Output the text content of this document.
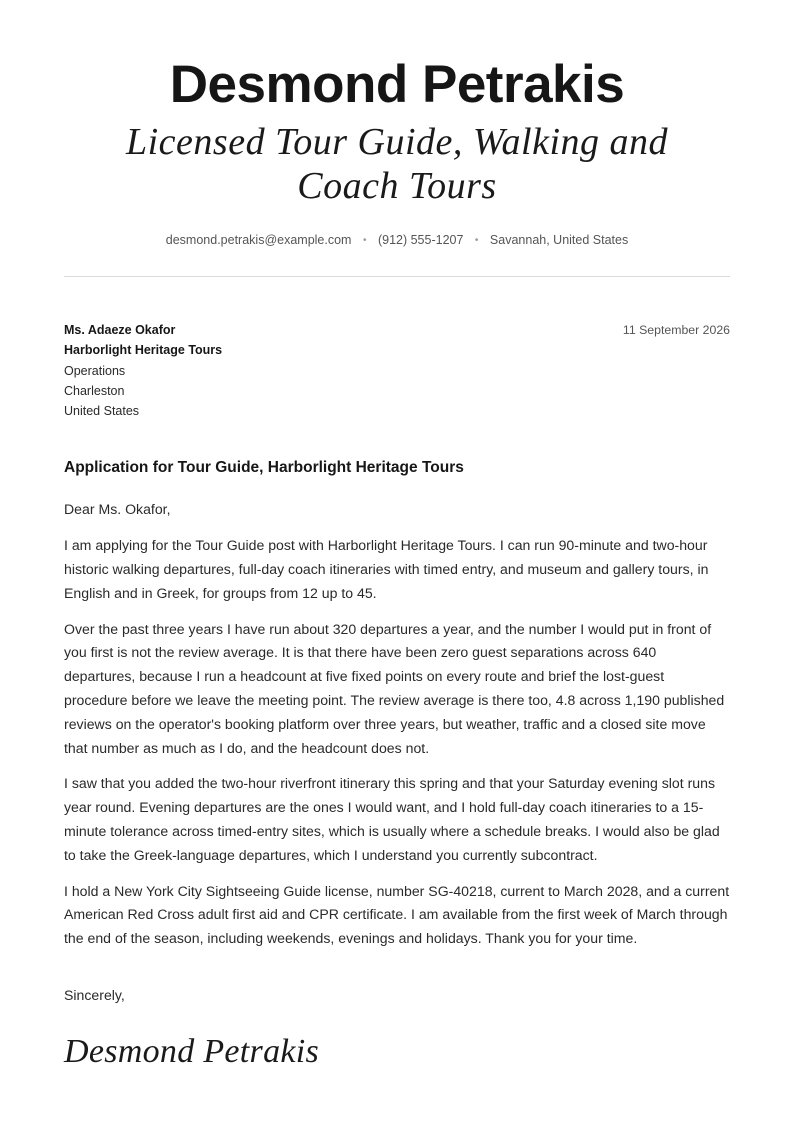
Desmond Petrakis
Licensed Tour Guide, Walking and Coach Tours
desmond.petrakis@example.com • (912) 555-1207 • Savannah, United States
11 September 2026
Ms. Adaeze Okafor
Harborlight Heritage Tours
Operations
Charleston
United States
Application for Tour Guide, Harborlight Heritage Tours
Dear Ms. Okafor,
I am applying for the Tour Guide post with Harborlight Heritage Tours. I can run 90-minute and two-hour historic walking departures, full-day coach itineraries with timed entry, and museum and gallery tours, in English and in Greek, for groups from 12 up to 45.
Over the past three years I have run about 320 departures a year, and the number I would put in front of you first is not the review average. It is that there have been zero guest separations across 640 departures, because I run a headcount at five fixed points on every route and brief the lost-guest procedure before we leave the meeting point. The review average is there too, 4.8 across 1,190 published reviews on the operator's booking platform over three years, but weather, traffic and a closed site move that number as much as I do, and the headcount does not.
I saw that you added the two-hour riverfront itinerary this spring and that your Saturday evening slot runs year round. Evening departures are the ones I would want, and I hold full-day coach itineraries to a 15-minute tolerance across timed-entry sites, which is usually where a schedule breaks. I would also be glad to take the Greek-language departures, which I understand you currently subcontract.
I hold a New York City Sightseeing Guide license, number SG-40218, current to March 2028, and a current American Red Cross adult first aid and CPR certificate. I am available from the first week of March through the end of the season, including weekends, evenings and holidays. Thank you for your time.
Sincerely,
Desmond Petrakis
